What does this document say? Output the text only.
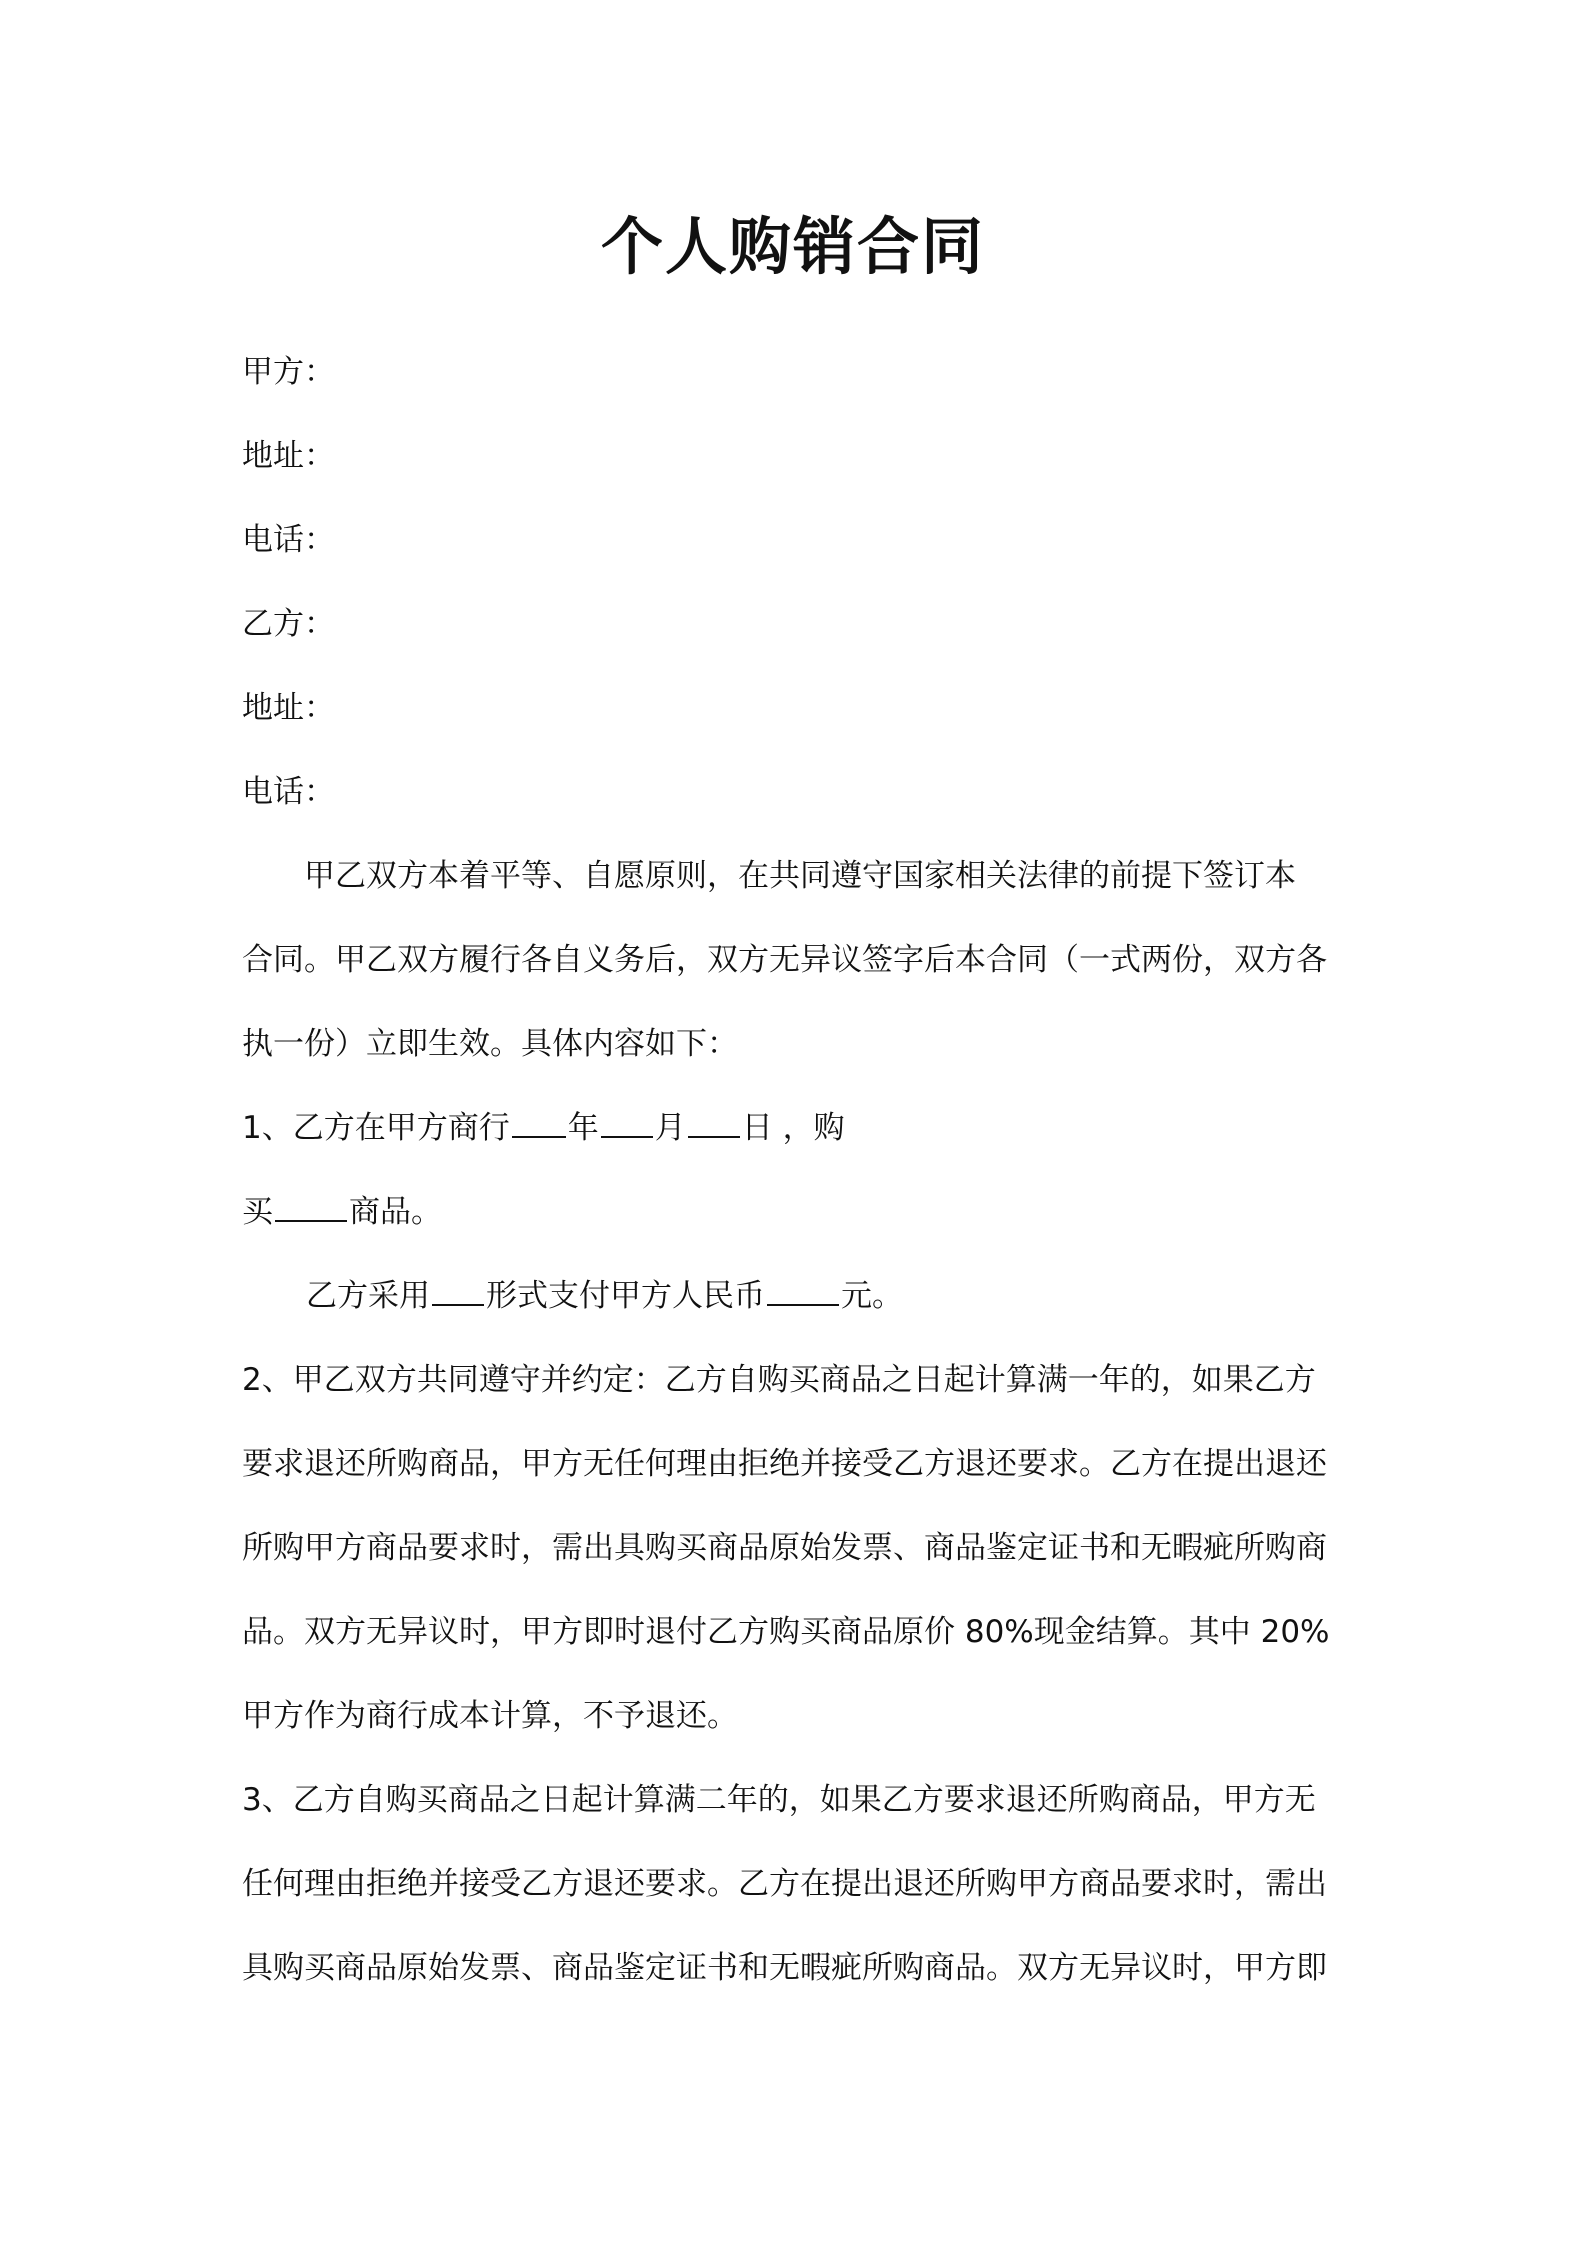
个人购销合同
甲方：
地址：
电话：
乙方：
地址：
电话：
甲乙双方本着平等、自愿原则，在共同遵守国家相关法律的前提下签订本
合同。甲乙双方履行各自义务后，双方无异议签字后本合同（一式两份，双方各
执一份）立即生效。具体内容如下：
1、乙方在甲方商行 年 月 日 ，购
买 商品。
乙方采用 形式支付甲方人民币 元。
2、甲乙双方共同遵守并约定：乙方自购买商品之日起计算满一年的，如果乙方
要求退还所购商品，甲方无任何理由拒绝并接受乙方退还要求。乙方在提出退还
所购甲方商品要求时，需出具购买商品原始发票、商品鉴定证书和无暇疵所购商
品。双方无异议时，甲方即时退付乙方购买商品原价 80%现金结算。其中 20%
甲方作为商行成本计算，不予退还。
3、乙方自购买商品之日起计算满二年的，如果乙方要求退还所购商品，甲方无
任何理由拒绝并接受乙方退还要求。乙方在提出退还所购甲方商品要求时，需出
具购买商品原始发票、商品鉴定证书和无暇疵所购商品。双方无异议时，甲方即
